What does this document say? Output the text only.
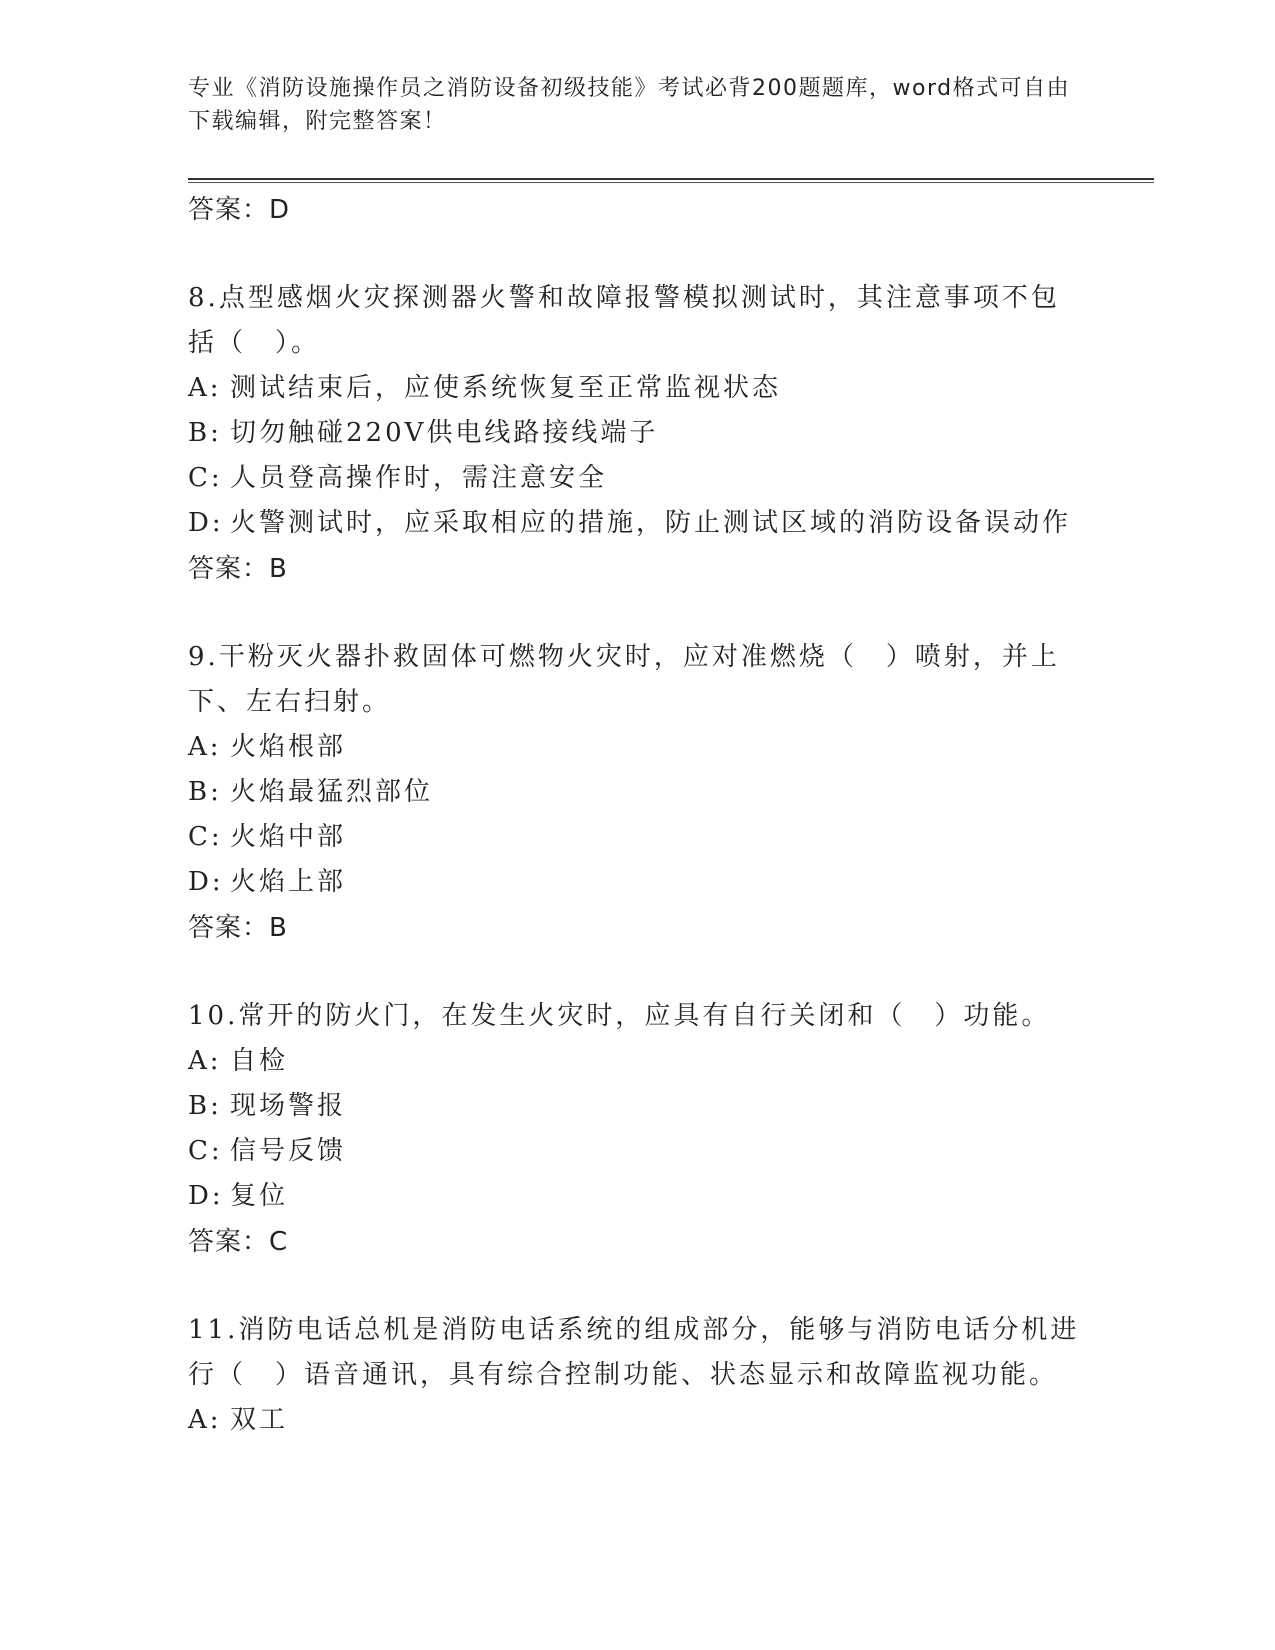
专业《消防设施操作员之消防设备初级技能》考试必背200题题库，word格式可自由下载编辑，附完整答案！
答案：D
8.点型感烟火灾探测器火警和故障报警模拟测试时，其注意事项不包括（　）。
A: 测试结束后，应使系统恢复至正常监视状态
B: 切勿触碰220V供电线路接线端子
C: 人员登高操作时，需注意安全
D: 火警测试时，应采取相应的措施，防止测试区域的消防设备误动作
答案：B
9.干粉灭火器扑救固体可燃物火灾时，应对准燃烧（　）喷射，并上下、左右扫射。
A: 火焰根部
B: 火焰最猛烈部位
C: 火焰中部
D: 火焰上部
答案：B
10.常开的防火门，在发生火灾时，应具有自行关闭和（　）功能。
A: 自检
B: 现场警报
C: 信号反馈
D: 复位
答案：C
11.消防电话总机是消防电话系统的组成部分，能够与消防电话分机进行（　）语音通讯，具有综合控制功能、状态显示和故障监视功能。
A: 双工
